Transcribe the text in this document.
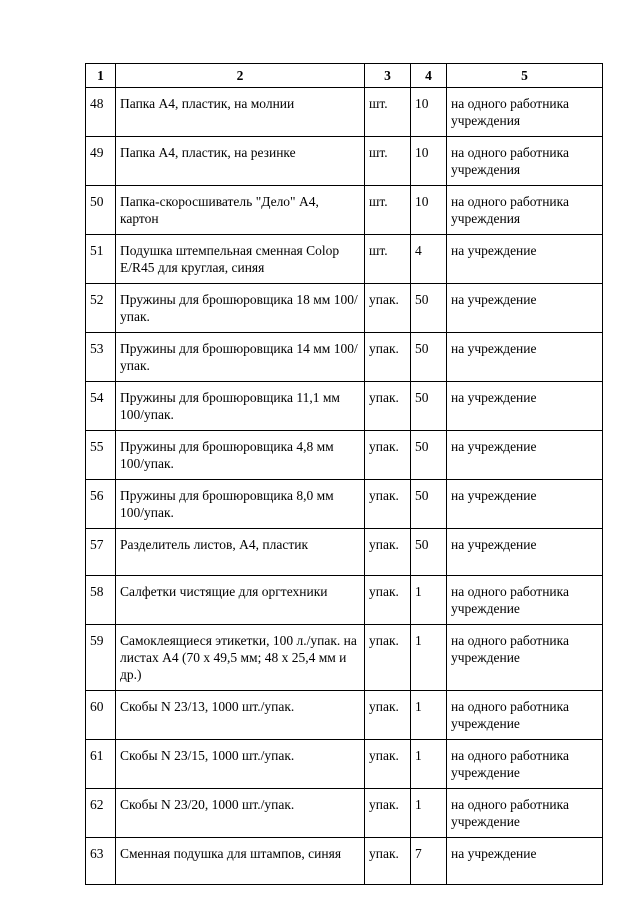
1	2	3	4	5
48	Папка А4, пластик, на молнии	шт.	10	на одного работника учреждения
49	Папка А4, пластик, на резинке	шт.	10	на одного работника учреждения
50	Папка-скоросшиватель "Дело" А4, картон	шт.	10	на одного работника учреждения
51	Подушка штемпельная сменная Colop E/R45 для круглая, синяя	шт.	4	на учреждение
52	Пружины для брошюровщика 18 мм 100/упак.	упак.	50	на учреждение
53	Пружины для брошюровщика 14 мм 100/упак.	упак.	50	на учреждение
54	Пружины для брошюровщика 11,1 мм 100/упак.	упак.	50	на учреждение
55	Пружины для брошюровщика 4,8 мм 100/упак.	упак.	50	на учреждение
56	Пружины для брошюровщика 8,0 мм 100/упак.	упак.	50	на учреждение
57	Разделитель листов, А4, пластик	упак.	50	на учреждение
58	Салфетки чистящие для оргтехники	упак.	1	на одного работника учреждение
59	Самоклеящиеся этикетки, 100 л./упак. на листах А4 (70 х 49,5 мм; 48 х 25,4 мм и др.)	упак.	1	на одного работника учреждение
60	Скобы N 23/13, 1000 шт./упак.	упак.	1	на одного работника учреждение
61	Скобы N 23/15, 1000 шт./упак.	упак.	1	на одного работника учреждение
62	Скобы N 23/20, 1000 шт./упак.	упак.	1	на одного работника учреждение
63	Сменная подушка для штампов, синяя	упак.	7	на учреждение
